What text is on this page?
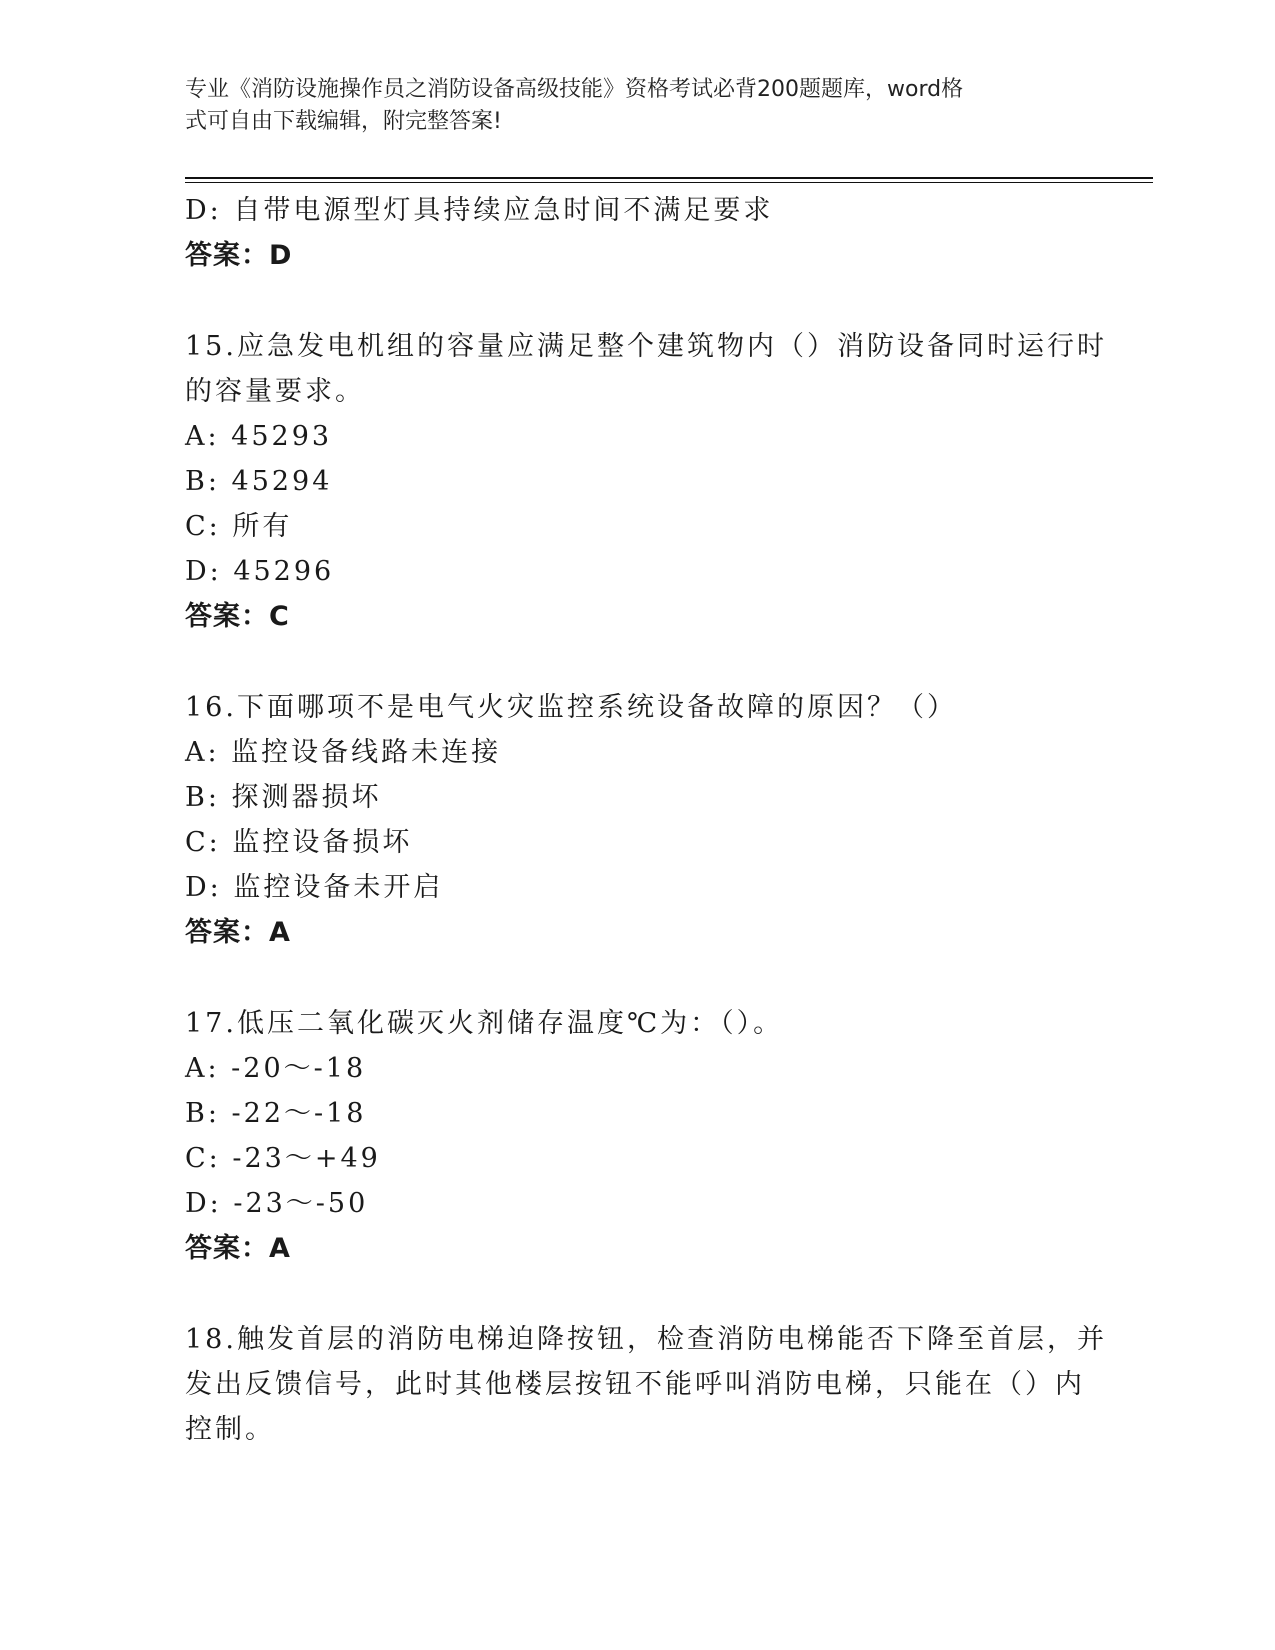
专业《消防设施操作员之消防设备高级技能》资格考试必背200题题库，word格
式可自由下载编辑，附完整答案!
D: 自带电源型灯具持续应急时间不满足要求
答案：D
15.应急发电机组的容量应满足整个建筑物内（）消防设备同时运行时
的容量要求。
A: 45293
B: 45294
C: 所有
D: 45296
答案：C
16.下面哪项不是电气火灾监控系统设备故障的原因？（）
A: 监控设备线路未连接
B: 探测器损坏
C: 监控设备损坏
D: 监控设备未开启
答案：A
17.低压二氧化碳灭火剂储存温度℃为：（）。
A: -20～-18
B: -22～-18
C: -23～+49
D: -23～-50
答案：A
18.触发首层的消防电梯迫降按钮，检查消防电梯能否下降至首层，并
发出反馈信号，此时其他楼层按钮不能呼叫消防电梯，只能在（）内
控制。
